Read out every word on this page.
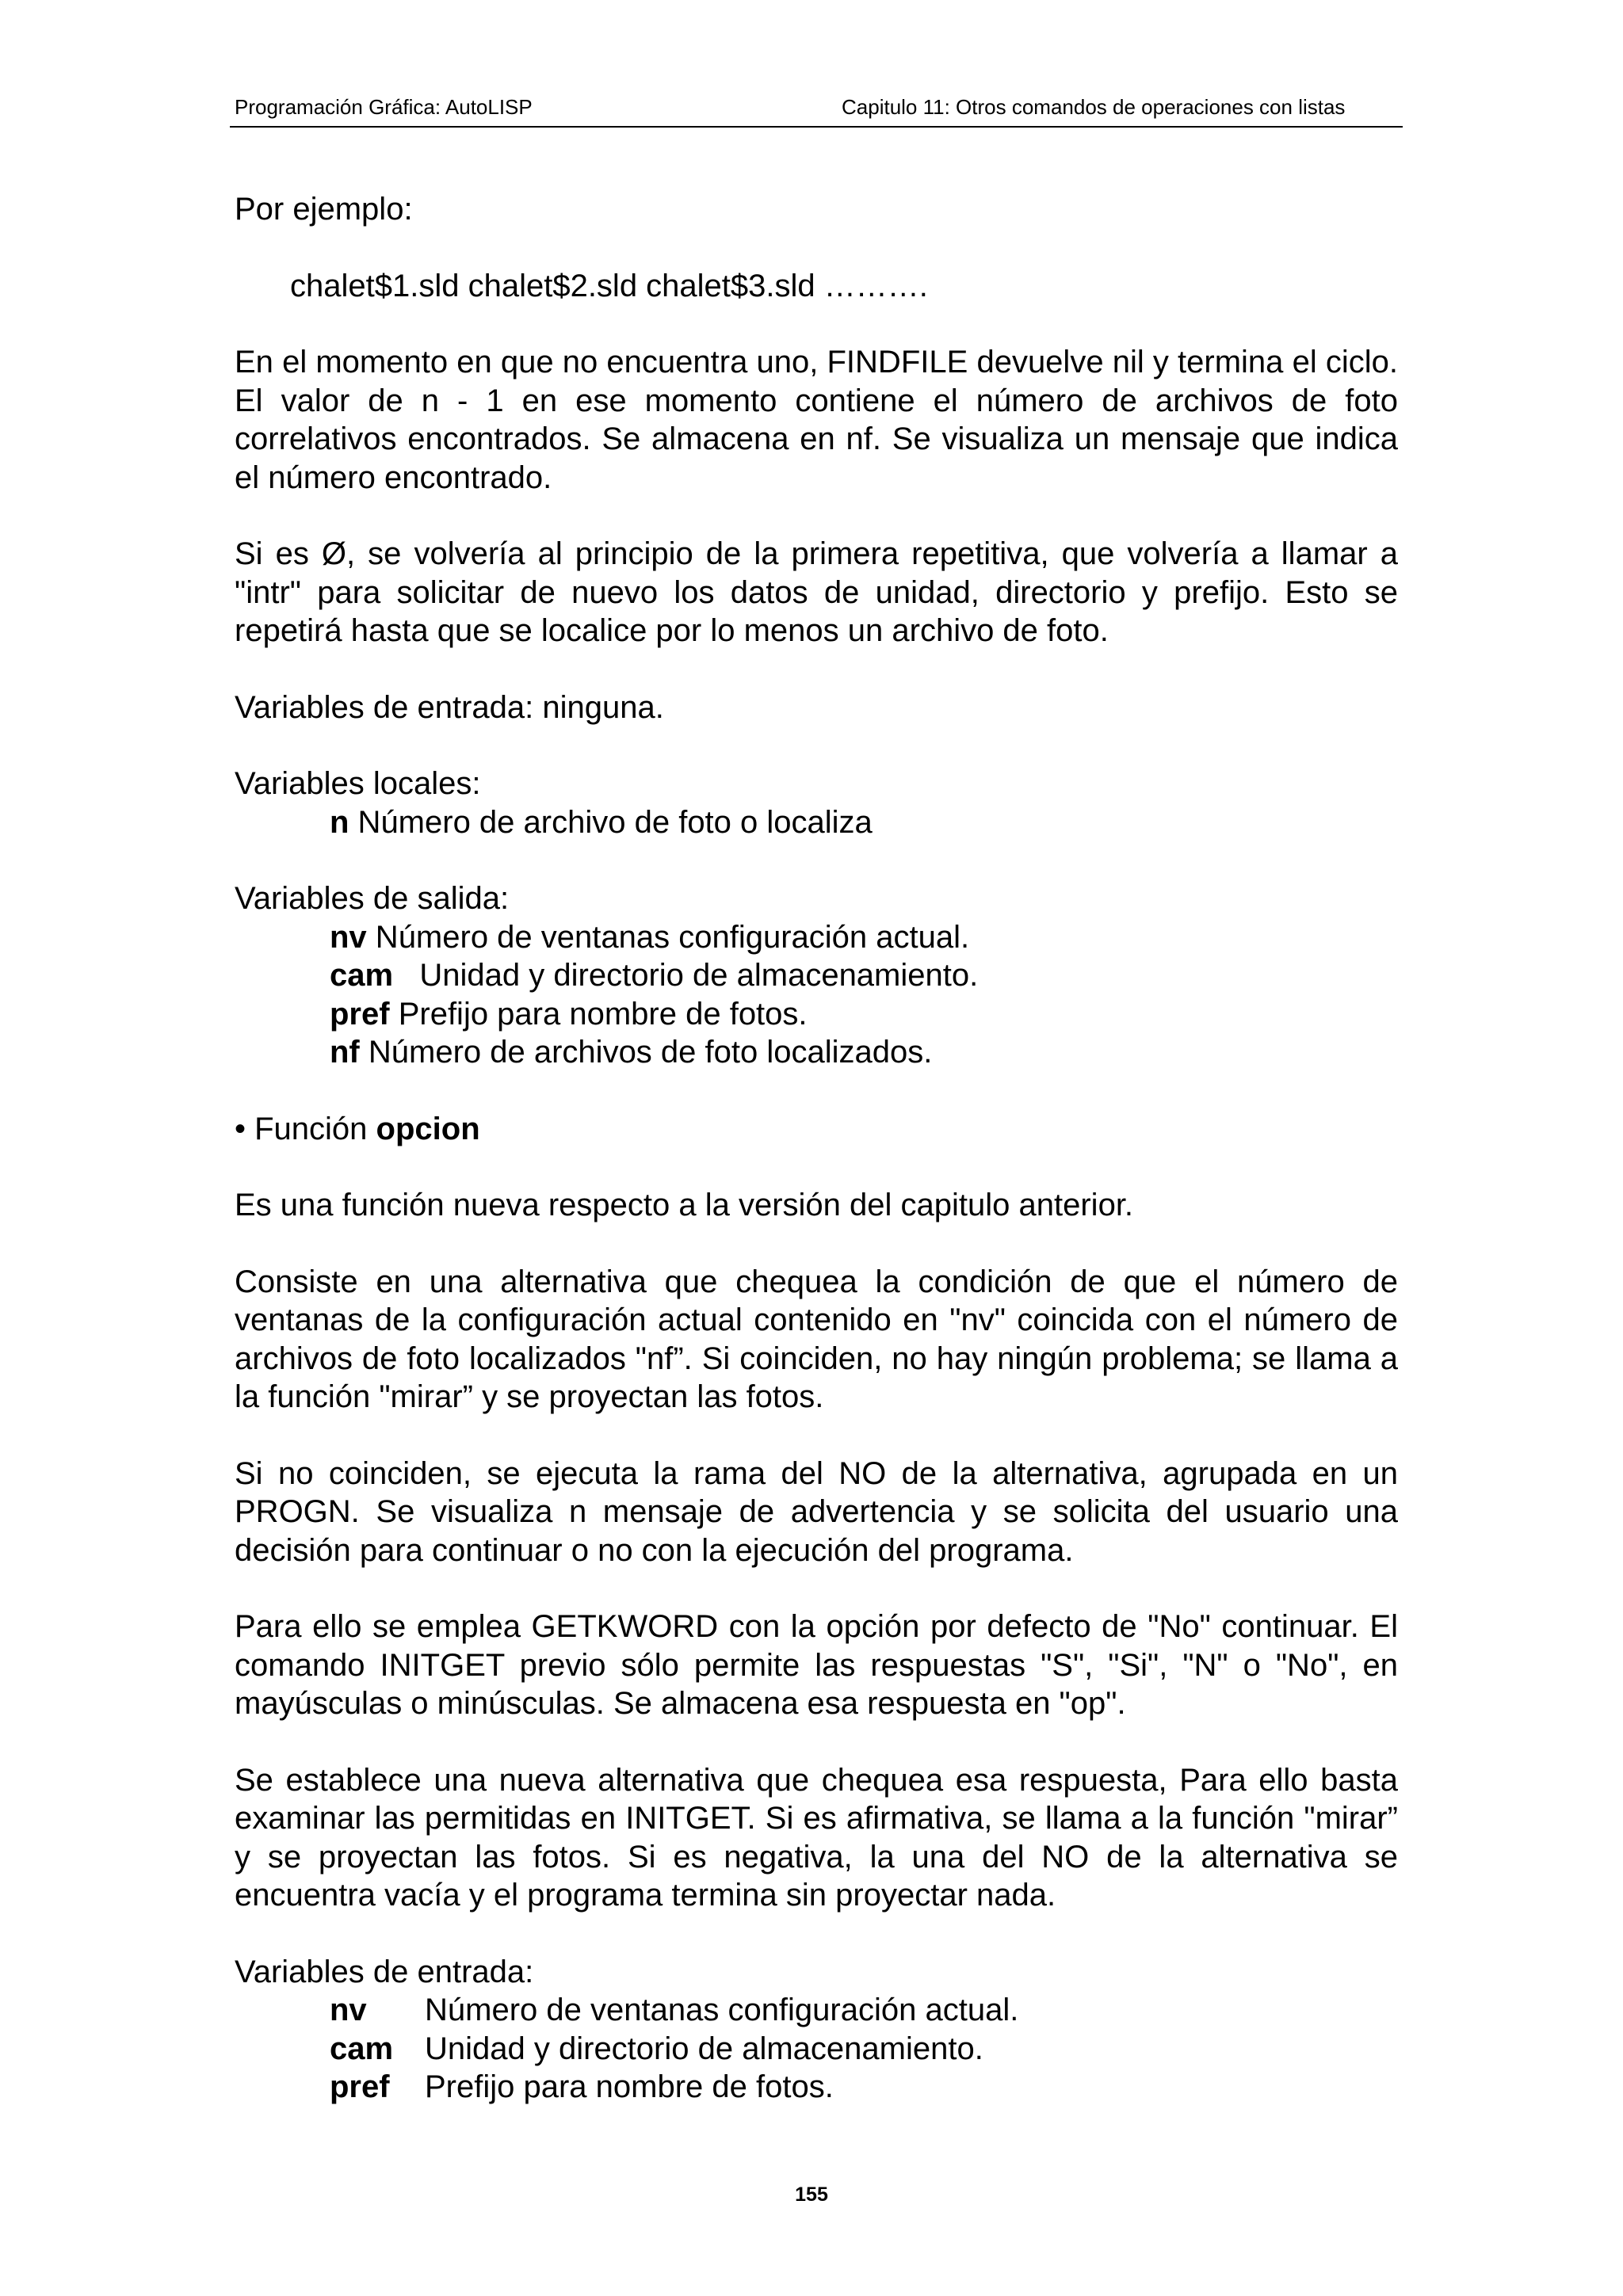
Programación Gráfica: AutoLISP	Capitulo 11: Otros comandos de operaciones con listas

Por ejemplo:

chalet$1.sld chalet$2.sld chalet$3.sld ……….

En el momento en que no encuentra uno, FINDFILE devuelve nil y termina el ciclo. El valor de n - 1 en ese momento contiene el número de archivos de foto correlativos encontrados. Se almacena en nf. Se visualiza un mensaje que indica el número encontrado.

Si es Ø, se volvería al principio de la primera repetitiva, que volvería a llamar a "intr" para solicitar de nuevo los datos de unidad, directorio y prefijo. Esto se repetirá hasta que se localice por lo menos un archivo de foto.

Variables de entrada: ninguna.

Variables locales:

n Número de archivo de foto o localiza

Variables de salida:

nv Número de ventanas configuración actual.

cam   Unidad y directorio de almacenamiento.

pref Prefijo para nombre de fotos.

nf Número de archivos de foto localizados.

• Función opcion

Es una función nueva respecto a la versión del capitulo anterior.

Consiste en una alternativa que chequea la condición de que el número de ventanas de la configuración actual contenido en "nv" coincida con el número de archivos de foto localizados "nf”. Si coinciden, no hay ningún problema; se llama a la función "mirar” y se proyectan las fotos.

Si no coinciden, se ejecuta la rama del NO de la alternativa, agrupada en un PROGN. Se visualiza n mensaje de advertencia y se solicita del usuario una decisión para continuar o no con la ejecución del programa.

Para ello se emplea GETKWORD con la opción por defecto de "No" continuar. El comando INITGET previo sólo permite las respuestas "S", "Si", "N" o "No", en mayúsculas o minúsculas. Se almacena esa respuesta en "op".

Se establece una nueva alternativa que chequea esa respuesta, Para ello basta examinar las permitidas en INITGET. Si es afirmativa, se llama a la función "mirar” y se proyectan las fotos. Si es negativa, la una del NO de la alternativa se encuentra vacía y el programa termina sin proyectar nada.

Variables de entrada:

nv Número de ventanas configuración actual.

cam Unidad y directorio de almacenamiento.

pref Prefijo para nombre de fotos.

155
